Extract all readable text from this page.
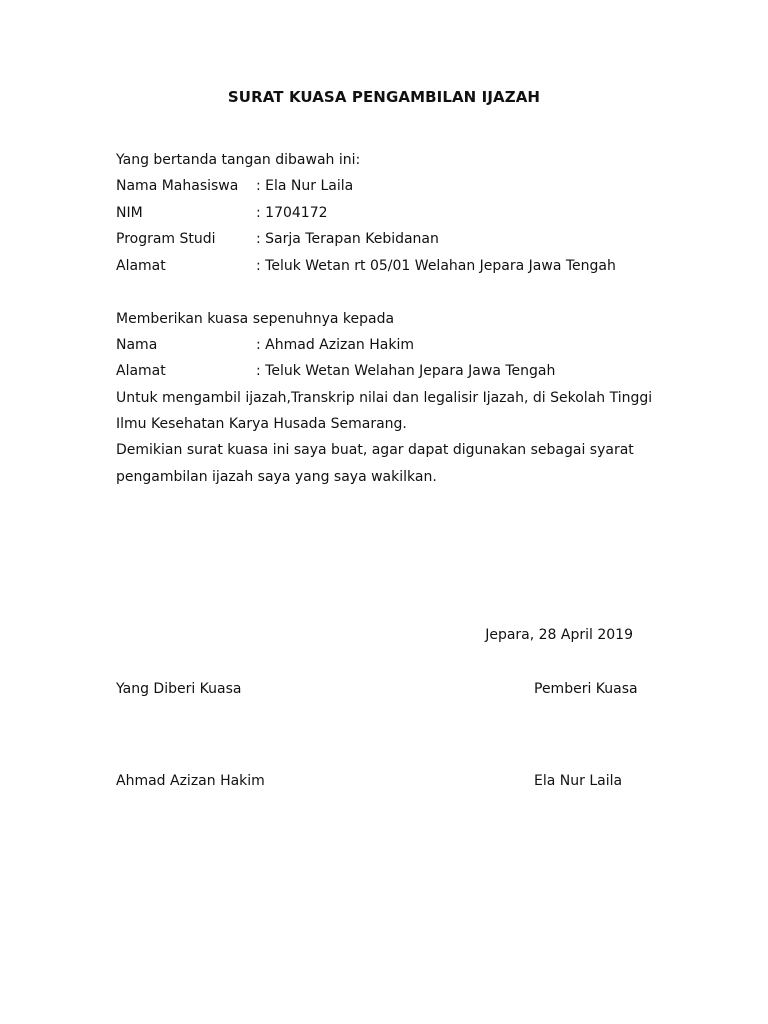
SURAT KUASA PENGAMBILAN IJAZAH
Yang bertanda tangan dibawah ini:
Nama Mahasiswa : Ela Nur Laila
NIM	: 1704172
Program Studi	: Sarja Terapan Kebidanan
Alamat	: Teluk Wetan rt 05/01 Welahan Jepara Jawa Tengah
Memberikan kuasa sepenuhnya kepada
Nama	: Ahmad Azizan Hakim
Alamat	: Teluk Wetan Welahan Jepara Jawa Tengah
Untuk mengambil ijazah,Transkrip nilai dan legalisir Ijazah, di Sekolah Tinggi
Ilmu Kesehatan Karya Husada Semarang.
Demikian surat kuasa ini saya buat, agar dapat digunakan sebagai syarat
pengambilan ijazah saya yang saya wakilkan.
Jepara, 28 April 2019
Yang Diberi Kuasa	Pemberi Kuasa
Ahmad Azizan Hakim	Ela Nur Laila
